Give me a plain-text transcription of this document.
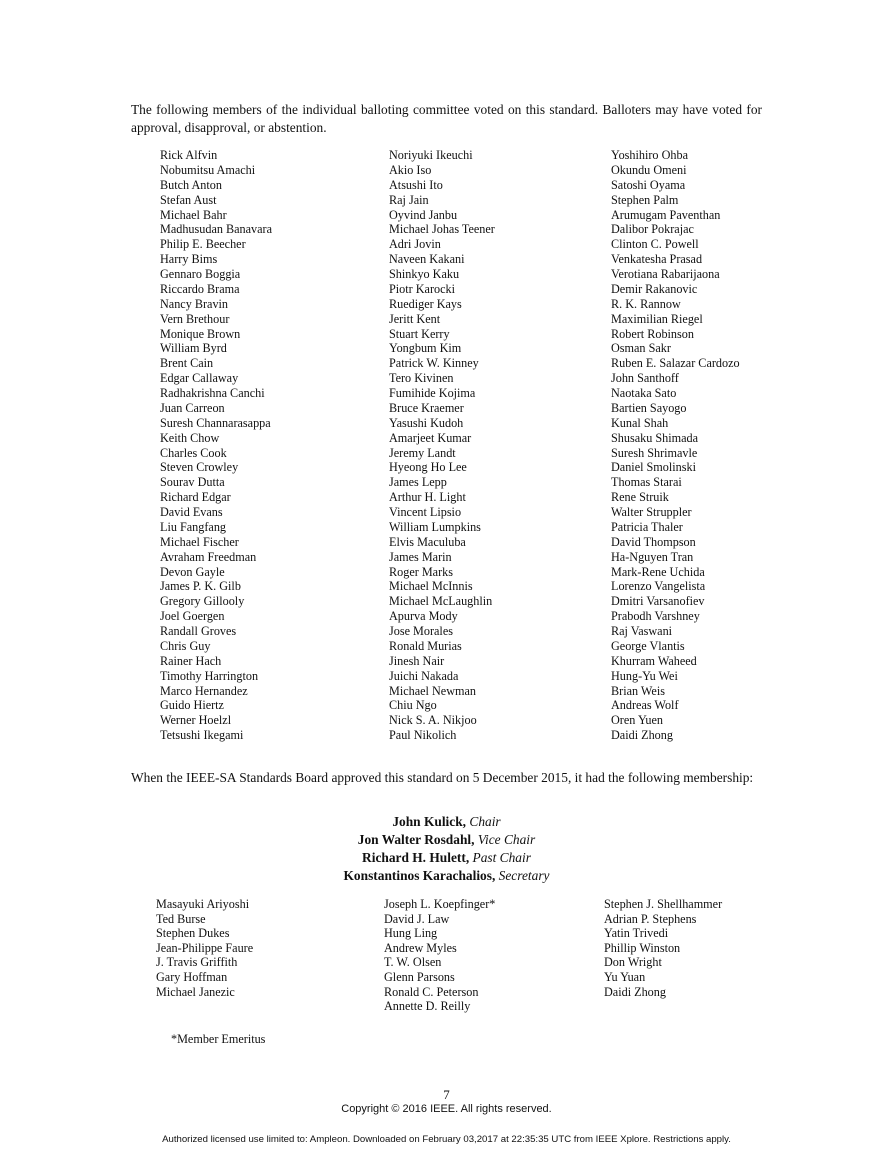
The following members of the individual balloting committee voted on this standard. Balloters may have voted for approval, disapproval, or abstention.

Rick Alfvin
Nobumitsu Amachi
Butch Anton
Stefan Aust
Michael Bahr
Madhusudan Banavara
Philip E. Beecher
Harry Bims
Gennaro Boggia
Riccardo Brama
Nancy Bravin
Vern Brethour
Monique Brown
William Byrd
Brent Cain
Edgar Callaway
Radhakrishna Canchi
Juan Carreon
Suresh Channarasappa
Keith Chow
Charles Cook
Steven Crowley
Sourav Dutta
Richard Edgar
David Evans
Liu Fangfang
Michael Fischer
Avraham Freedman
Devon Gayle
James P. K. Gilb
Gregory Gillooly
Joel Goergen
Randall Groves
Chris Guy
Rainer Hach
Timothy Harrington
Marco Hernandez
Guido Hiertz
Werner Hoelzl
Tetsushi Ikegami
Noriyuki Ikeuchi
Akio Iso
Atsushi Ito
Raj Jain
Oyvind Janbu
Michael Johas Teener
Adri Jovin
Naveen Kakani
Shinkyo Kaku
Piotr Karocki
Ruediger Kays
Jeritt Kent
Stuart Kerry
Yongbum Kim
Patrick W. Kinney
Tero Kivinen
Fumihide Kojima
Bruce Kraemer
Yasushi Kudoh
Amarjeet Kumar
Jeremy Landt
Hyeong Ho Lee
James Lepp
Arthur H. Light
Vincent Lipsio
William Lumpkins
Elvis Maculuba
James Marin
Roger Marks
Michael McInnis
Michael McLaughlin
Apurva Mody
Jose Morales
Ronald Murias
Jinesh Nair
Juichi Nakada
Michael Newman
Chiu Ngo
Nick S. A. Nikjoo
Paul Nikolich
Yoshihiro Ohba
Okundu Omeni
Satoshi Oyama
Stephen Palm
Arumugam Paventhan
Dalibor Pokrajac
Clinton C. Powell
Venkatesha Prasad
Verotiana Rabarijaona
Demir Rakanovic
R. K. Rannow
Maximilian Riegel
Robert Robinson
Osman Sakr
Ruben E. Salazar Cardozo
John Santhoff
Naotaka Sato
Bartien Sayogo
Kunal Shah
Shusaku Shimada
Suresh Shrimavle
Daniel Smolinski
Thomas Starai
Rene Struik
Walter Struppler
Patricia Thaler
David Thompson
Ha-Nguyen Tran
Mark-Rene Uchida
Lorenzo Vangelista
Dmitri Varsanofiev
Prabodh Varshney
Raj Vaswani
George Vlantis
Khurram Waheed
Hung-Yu Wei
Brian Weis
Andreas Wolf
Oren Yuen
Daidi Zhong

When the IEEE-SA Standards Board approved this standard on 5 December 2015, it had the following membership:

John Kulick, Chair
Jon Walter Rosdahl, Vice Chair
Richard H. Hulett, Past Chair
Konstantinos Karachalios, Secretary
Masayuki Ariyoshi
Ted Burse
Stephen Dukes
Jean-Philippe Faure
J. Travis Griffith
Gary Hoffman
Michael Janezic
Joseph L. Koepfinger*
David J. Law
Hung Ling
Andrew Myles
T. W. Olsen
Glenn Parsons
Ronald C. Peterson
Annette D. Reilly
Stephen J. Shellhammer
Adrian P. Stephens
Yatin Trivedi
Phillip Winston
Don Wright
Yu Yuan
Daidi Zhong
*Member Emeritus
7
Copyright © 2016 IEEE. All rights reserved.
Authorized licensed use limited to: Ampleon. Downloaded on February 03,2017 at 22:35:35 UTC from IEEE Xplore. Restrictions apply.
